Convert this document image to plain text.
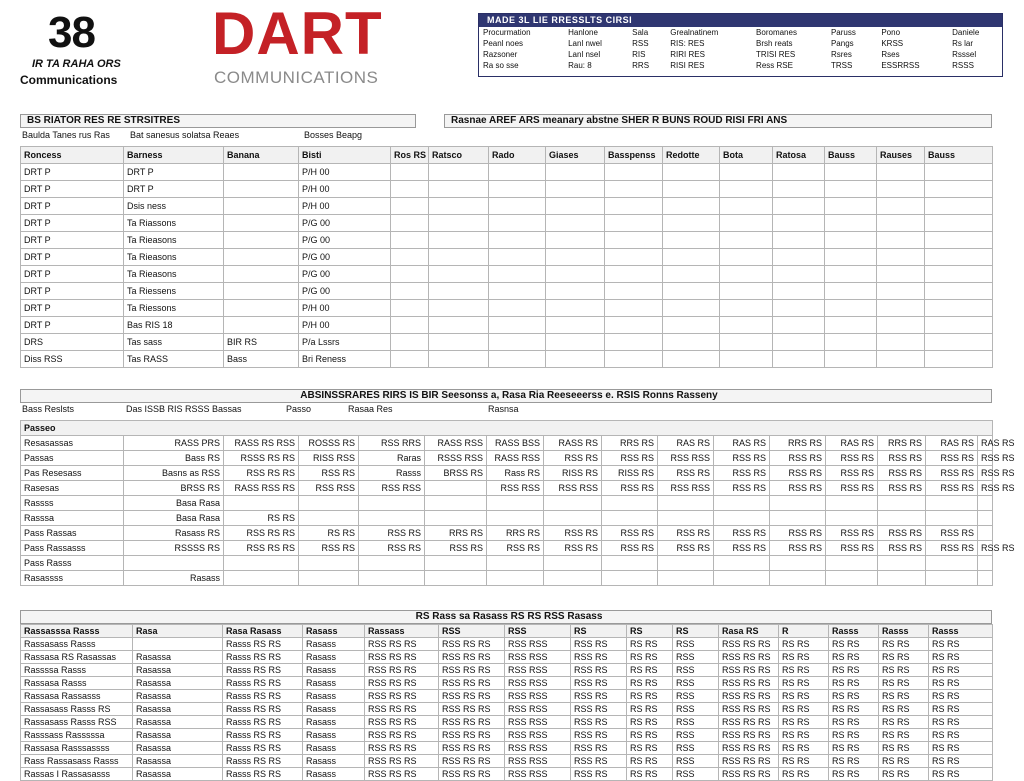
38
IR TA RAHA ORS
Communications
DART
COMMUNICATIONS
MADE 3L LIE RRESSLTS CIRSI
Procurmation	Hanlone	Sala	Grealnatinem	Boromanes	Paruss	Pono	Daniele
Peanl noes	Lanl nwel	RSS	RIS: RES	Brsh reats	Pangs	KRSS	Rs lar
Razsoner	Lanl nsel	RIS	RIRI RES	TRISI RES	Rsres	Rses	Rsssel
Ra so sse	Rau: 8	RRS	RISI RES	Ress RSE	TRSS	ESSRRSS	RSSS
BS RIATOR RES RE STRSITRES	Rasnae AREF ARS meanary abstne SHER R BUNS ROUD RISI FRI ANS
Baulda Tanes rus Ras Bat sanesus solatsa Reaes	Bosses Beapg
Roncess	Barness	Banana	Bisti	Ros RS	Ratsco	Rado	Giases	Basspenss	Redotte	Bota	Ratosa	Bauss	Rauses	Bauss
DRT P	DRT P		P/H 00											
DRT P	DRT P		P/H 00											
DRT P	Dsis ness		P/H 00											
DRT P	Ta Riassons		P/G 00											
DRT P	Ta Rieasons		P/G 00											
DRT P	Ta Rieasons		P/G 00											
DRT P	Ta Rieasons		P/G 00											
DRT P	Ta Riessens		P/G 00											
DRT P	Ta Riessons		P/H 00											
DRT P	Bas RIS 18		P/H 00											
DRS	Tas sass	BIR RS	P/a Lssrs											
Diss RSS	Tas RASS	Bass	Bri Reness											
ABSINSSRARES RIRS IS BIR Seesonss a, Rasa Ria Reeseeerss e. RSIS Ronns Rasseny
Bass Reslsts	Das ISSB RIS RSSS Bassas	Passo	Rasaa Res	Rasnsa
Passeo															
Resasassas	RASS PRS	RASS RS RSS	ROSSS RS	RSS RRS	RASS RSS	RASS BSS	RASS RS	RRS RS	RAS RS	RAS RS	RRS RS	RAS RS	RRS RS	RAS RS	RAS RS
Passas	Bass RS	RSSS RS RS	RISS RSS	Raras	RSSS RSS	RASS RSS	RSS RS	RSS RS	RSS RSS	RSS RS	RSS RS	RSS RS	RSS RS	RSS RS	RSS RS
Pas Resesass	Basns as RSS	RSS RS RS	RSS RS	Rasss	BRSS RS	Rass RS	RISS RS	RISS RS	RSS RS	RSS RS	RSS RS	RSS RS	RSS RS	RSS RS	RSS RS
Rasesas	BRSS RS	RASS RSS RS	RSS RSS	RSS RSS		RSS RSS	RSS RSS	RSS RS	RSS RSS	RSS RS	RSS RS	RSS RS	RSS RS	RSS RS	RSS RS
Rassss	Basa Rasa														
Rasssa	Basa Rasa	RS RS													
Pass Rassas	Rasass RS	RSS RS RS	RS RS	RSS RS	RRS RS	RRS RS	RSS RS	RSS RS	RSS RS	RSS RS	RSS RS	RSS RS	RSS RS	RSS RS	
Pass Rassasss	RSSSS RS	RSS RS RS	RSS RS	RSS RS	RSS RS	RSS RS	RSS RS	RSS RS	RSS RS	RSS RS	RSS RS	RSS RS	RSS RS	RSS RS	RSS RS
Pass Rasss															
Rasassss	Rasass														
RS Rass sa Rasass RS RS RSS Rasass
Rassasssa Rasss	Rasa	Rasa Rasass	Rasass	Rassass	RSS	RSS	RS	RS	RS	Rasa RS	R	Rasss	Rasss	Rasss
Rassasass Rasss		Rasss RS RS	Rasass	RSS RS RS	RSS RS RS	RSS RSS	RSS RS	RS RS	RSS	RSS RS RS	RS RS	RS RS	RS RS	RS RS
Rassasa RS Rasassas	Rasassa	Rasss RS RS	Rasass	RSS RS RS	RSS RS RS	RSS RSS	RSS RS	RS RS	RSS	RSS RS RS	RS RS	RS RS	RS RS	RS RS
Rassssa Rasss	Rasassa	Rasss RS RS	Rasass	RSS RS RS	RSS RS RS	RSS RSS	RSS RS	RS RS	RSS	RSS RS RS	RS RS	RS RS	RS RS	RS RS
Rassasa Rasss	Rasassa	Rasss RS RS	Rasass	RSS RS RS	RSS RS RS	RSS RSS	RSS RS	RS RS	RSS	RSS RS RS	RS RS	RS RS	RS RS	RS RS
Rassasa Rassasss	Rasassa	Rasss RS RS	Rasass	RSS RS RS	RSS RS RS	RSS RSS	RSS RS	RS RS	RSS	RSS RS RS	RS RS	RS RS	RS RS	RS RS
Rassasass Rasss RS	Rasassa	Rasss RS RS	Rasass	RSS RS RS	RSS RS RS	RSS RSS	RSS RS	RS RS	RSS	RSS RS RS	RS RS	RS RS	RS RS	RS RS
Rassasass Rasss RSS	Rasassa	Rasss RS RS	Rasass	RSS RS RS	RSS RS RS	RSS RSS	RSS RS	RS RS	RSS	RSS RS RS	RS RS	RS RS	RS RS	RS RS
Rasssass Rasssssa	Rasassa	Rasss RS RS	Rasass	RSS RS RS	RSS RS RS	RSS RSS	RSS RS	RS RS	RSS	RSS RS RS	RS RS	RS RS	RS RS	RS RS
Rassasa Rasssassss	Rasassa	Rasss RS RS	Rasass	RSS RS RS	RSS RS RS	RSS RSS	RSS RS	RS RS	RSS	RSS RS RS	RS RS	RS RS	RS RS	RS RS
Rass Rassasass Rasss	Rasassa	Rasss RS RS	Rasass	RSS RS RS	RSS RS RS	RSS RSS	RSS RS	RS RS	RSS	RSS RS RS	RS RS	RS RS	RS RS	RS RS
Rassas I Rassasasss	Rasassa	Rasss RS RS	Rasass	RSS RS RS	RSS RS RS	RSS RSS	RSS RS	RS RS	RSS	RSS RS RS	RS RS	RS RS	RS RS	RS RS
